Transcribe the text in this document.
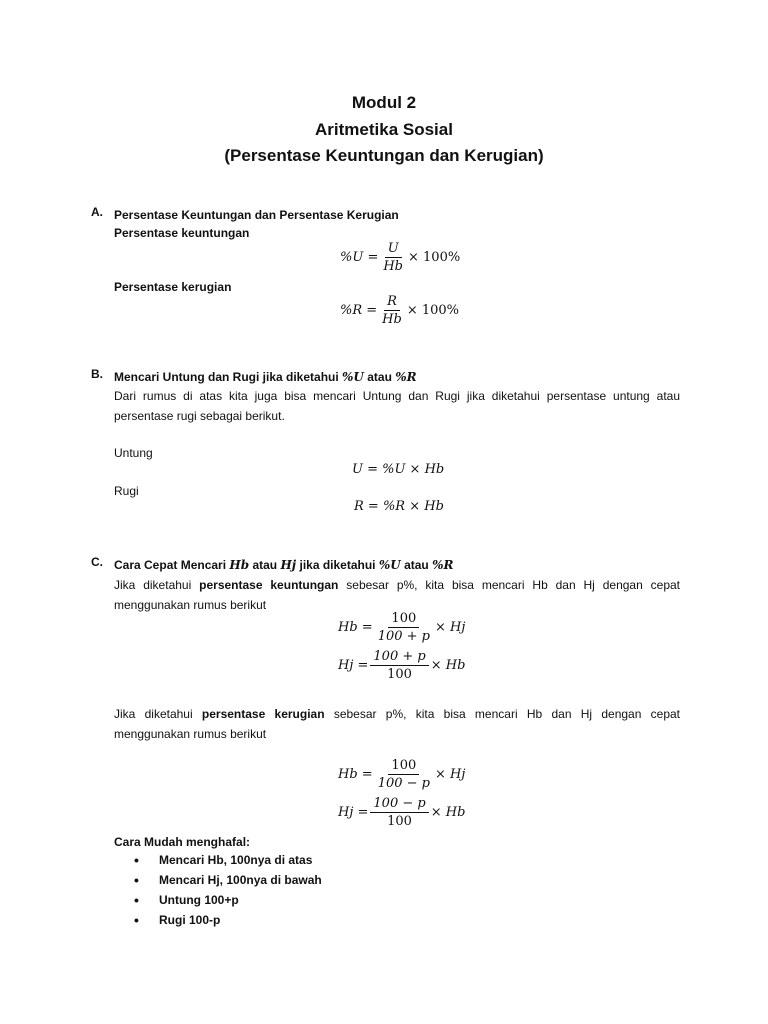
Modul 2
Aritmetika Sosial
(Persentase Keuntungan dan Kerugian)
A. Persentase Keuntungan dan Persentase Kerugian
Persentase keuntungan
$\%U = \frac{U}{Hb} \times 100\%$
Persentase kerugian
$\%R = \frac{R}{Hb} \times 100\%$
B. Mencari Untung dan Rugi jika diketahui %U atau %R
Dari rumus di atas kita juga bisa mencari Untung dan Rugi jika diketahui persentase untung atau persentase rugi sebagai berikut.
Untung
U = %U × Hb
Rugi
R = %R × Hb
C. Cara Cepat Mencari Hb atau Hj jika diketahui %U atau %R
Jika diketahui persentase keuntungan sebesar p%, kita bisa mencari Hb dan Hj dengan cepat menggunakan rumus berikut
$Hb = \frac{100}{100 + p} \times Hj$
$Hj = \frac{100 + p}{100} \times Hb$
Jika diketahui persentase kerugian sebesar p%, kita bisa mencari Hb dan Hj dengan cepat menggunakan rumus berikut
$Hb = \frac{100}{100 - p} \times Hj$
$Hj = \frac{100 - p}{100} \times Hb$
Cara Mudah menghafal:
• Mencari Hb, 100nya di atas
• Mencari Hj, 100nya di bawah
• Untung 100+p
• Rugi 100-p
